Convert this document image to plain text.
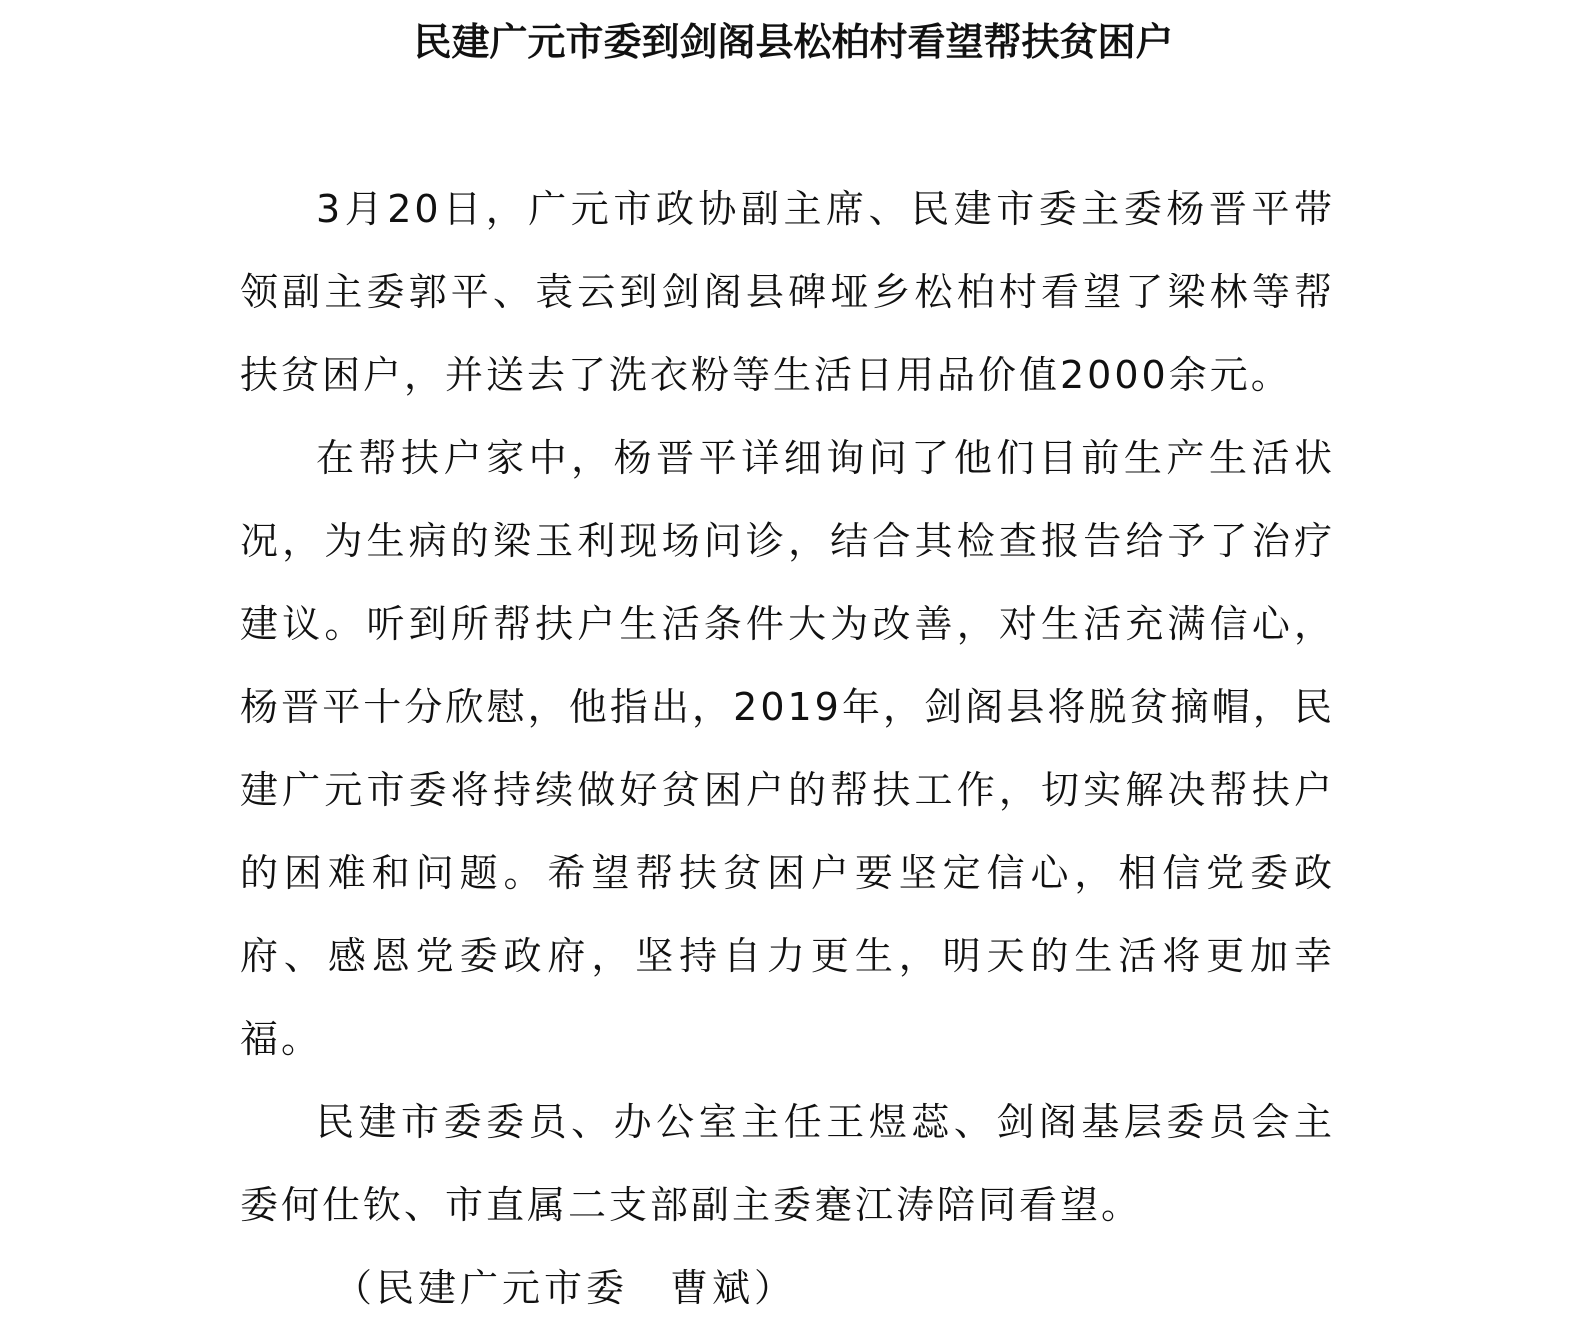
民建广元市委到剑阁县松柏村看望帮扶贫困户

3月20日，广元市政协副主席、民建市委主委杨晋平带领副主委郭平、袁云到剑阁县碑垭乡松柏村看望了梁林等帮扶贫困户，并送去了洗衣粉等生活日用品价值2000余元。

在帮扶户家中，杨晋平详细询问了他们目前生产生活状况，为生病的梁玉利现场问诊，结合其检查报告给予了治疗建议。听到所帮扶户生活条件大为改善，对生活充满信心，杨晋平十分欣慰，他指出，2019年，剑阁县将脱贫摘帽，民建广元市委将持续做好贫困户的帮扶工作，切实解决帮扶户的困难和问题。希望帮扶贫困户要坚定信心，相信党委政府、感恩党委政府，坚持自力更生，明天的生活将更加幸福。

民建市委委员、办公室主任王煜蕊、剑阁基层委员会主委何仕钦、市直属二支部副主委蹇江涛陪同看望。

（民建广元市委　曹斌）
